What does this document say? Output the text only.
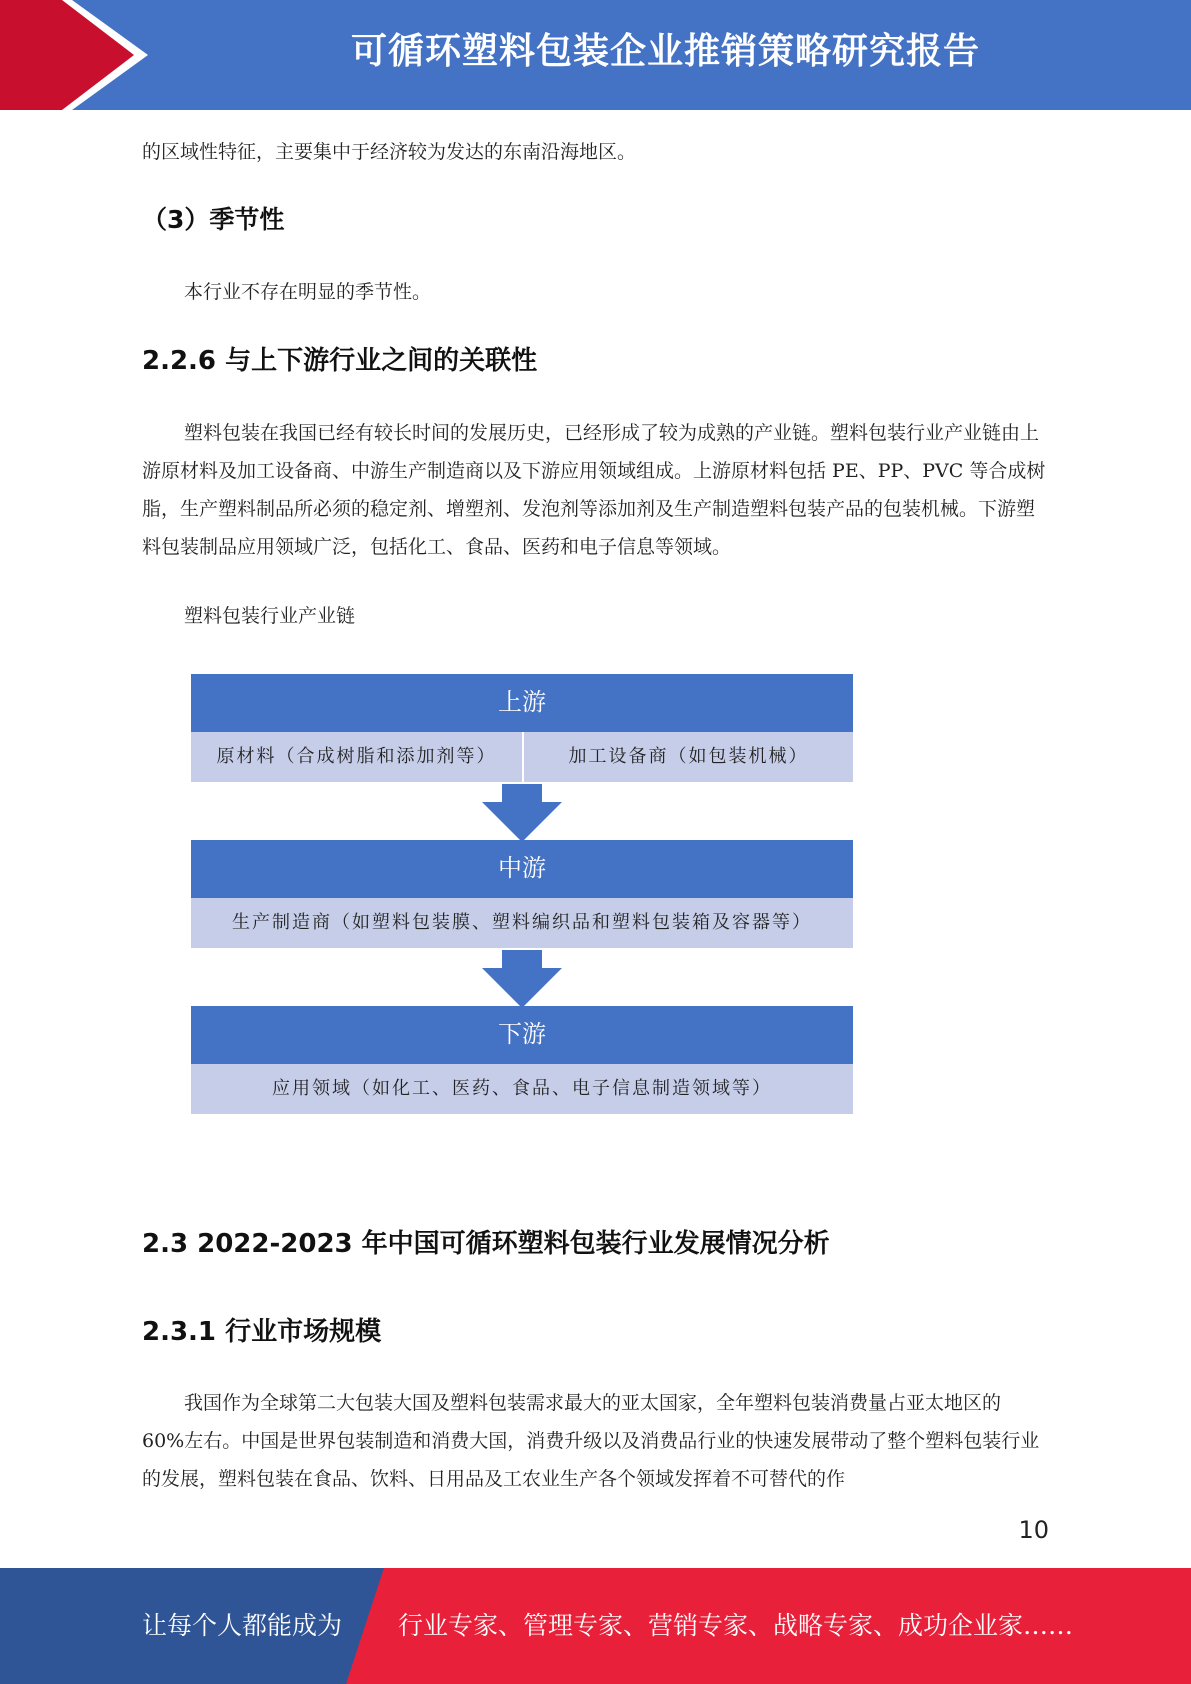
可循环塑料包装企业推销策略研究报告

的区域性特征，主要集中于经济较为发达的东南沿海地区。

（3）季节性

本行业不存在明显的季节性。

2.2.6 与上下游行业之间的关联性

塑料包装在我国已经有较长时间的发展历史，已经形成了较为成熟的产业链。塑料包装行业产业链由上游原材料及加工设备商、中游生产制造商以及下游应用领域组成。上游原材料包括 PE、PP、PVC 等合成树脂，生产塑料制品所必须的稳定剂、增塑剂、发泡剂等添加剂及生产制造塑料包装产品的包装机械。下游塑料包装制品应用领域广泛，包括化工、食品、医药和电子信息等领域。

塑料包装行业产业链

上游
原材料（合成树脂和添加剂等）	加工设备商（如包装机械）
中游
生产制造商（如塑料包装膜、塑料编织品和塑料包装箱及容器等）
下游
应用领域（如化工、医药、食品、电子信息制造领域等）
2.3 2022-2023 年中国可循环塑料包装行业发展情况分析
2.3.1 行业市场规模

我国作为全球第二大包装大国及塑料包装需求最大的亚太国家，全年塑料包装消费量占亚太地区的 60%左右。中国是世界包装制造和消费大国，消费升级以及消费品行业的快速发展带动了整个塑料包装行业的发展，塑料包装在食品、饮料、日用品及工农业生产各个领域发挥着不可替代的作

10
让每个人都能成为 行业专家、管理专家、营销专家、战略专家、成功企业家……
